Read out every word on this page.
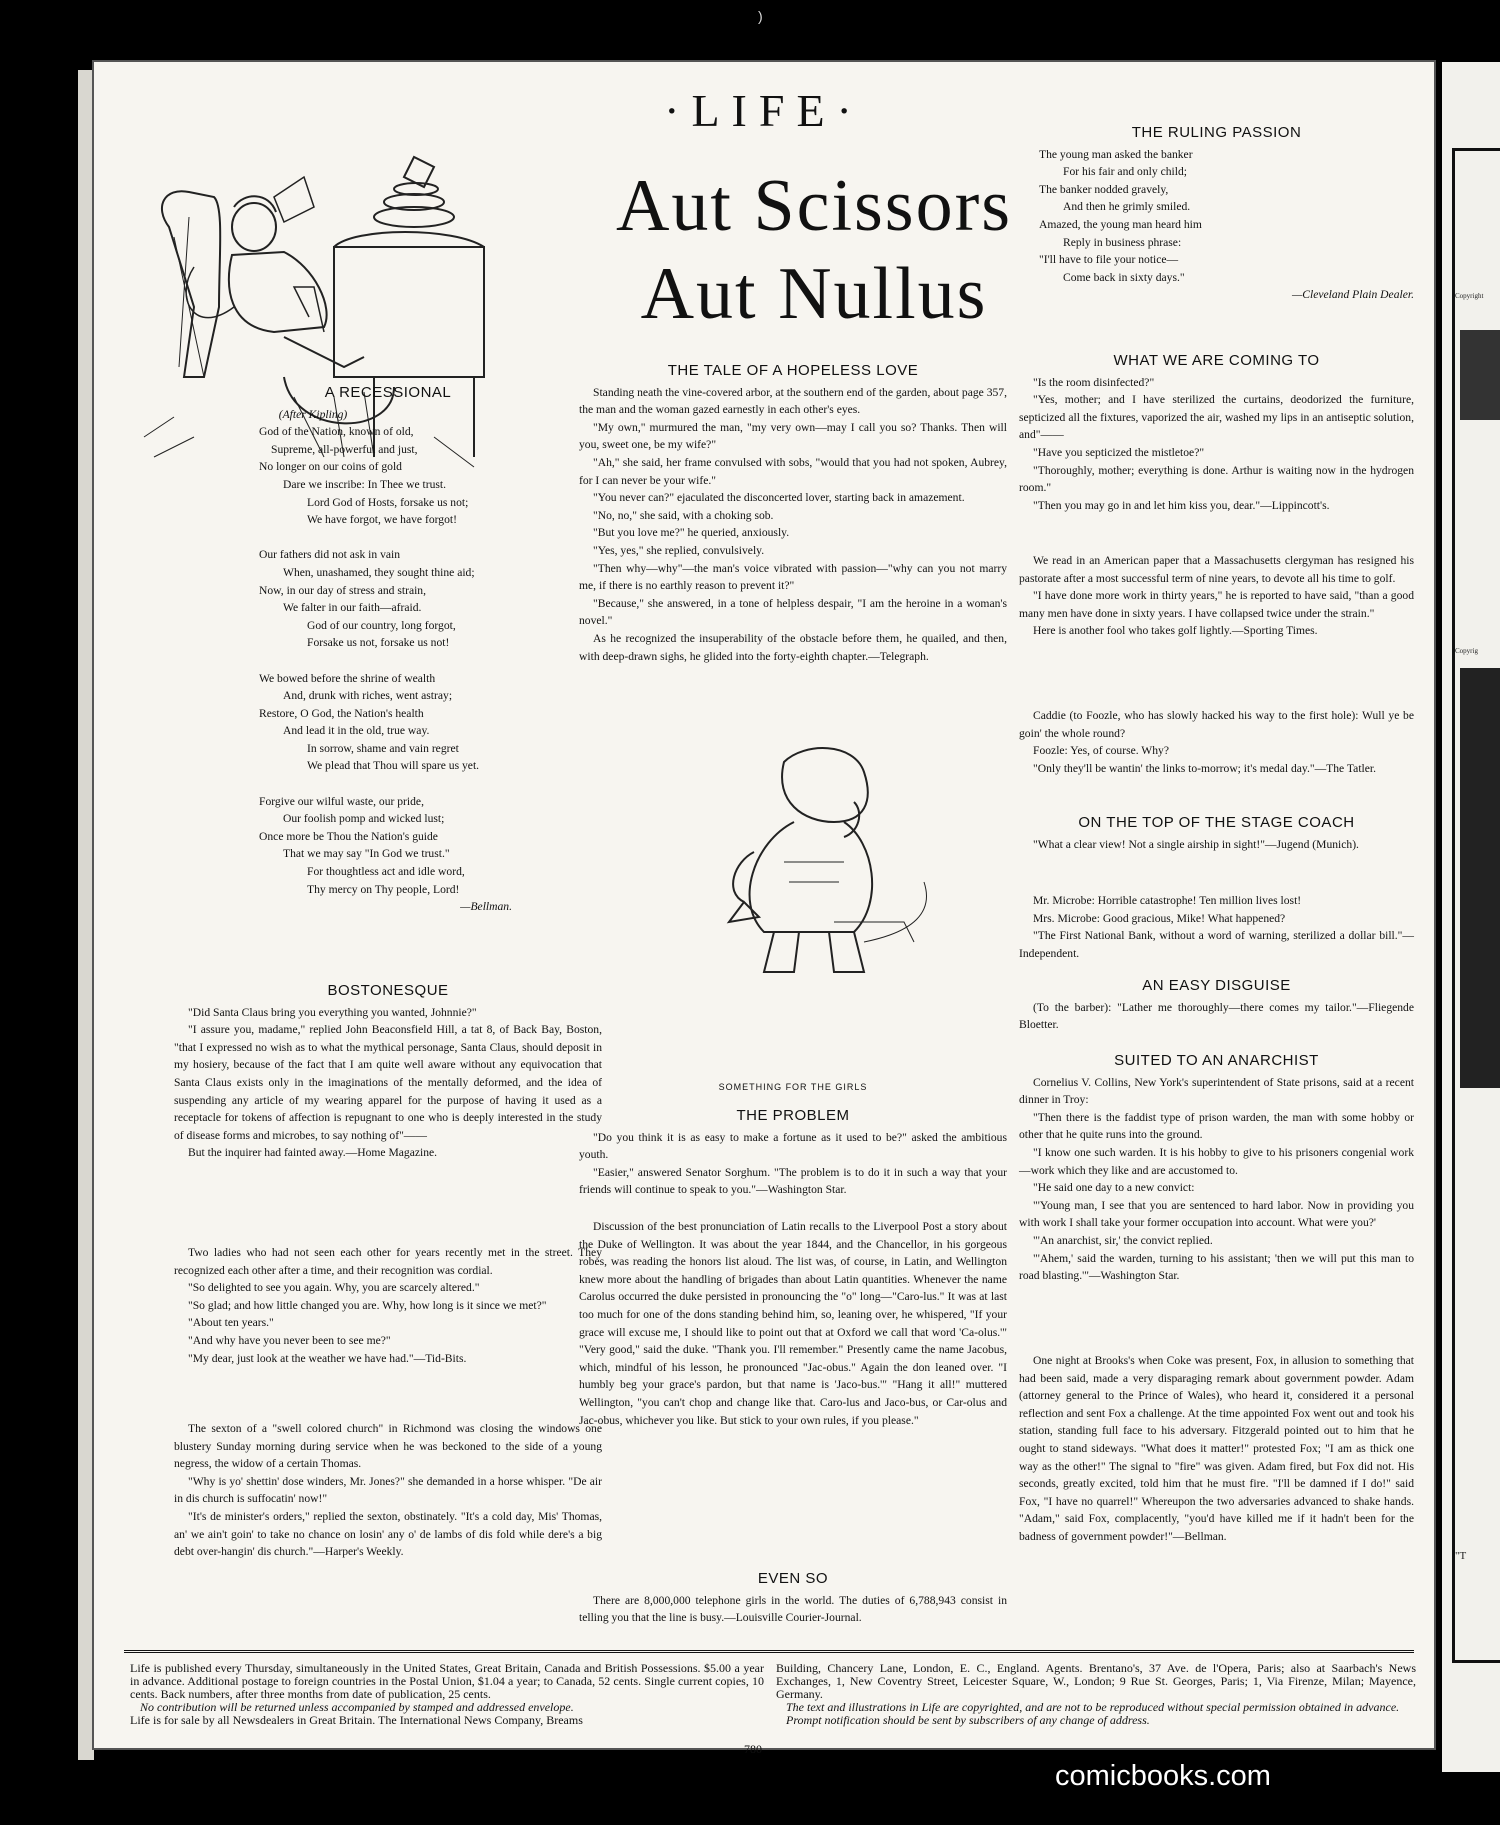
)
Copyright
Copyrig
"T
·LIFE·
Aut Scissors
Aut Nullus
A RECESSIONAL
(After Kipling)
God of the Nation, known of old,
Supreme, all-powerful and just,
No longer on our coins of gold
Dare we inscribe: In Thee we trust.
Lord God of Hosts, forsake us not;
We have forgot, we have forgot!

Our fathers did not ask in vain
When, unashamed, they sought thine aid;
Now, in our day of stress and strain,
We falter in our faith—afraid.
God of our country, long forgot,
Forsake us not, forsake us not!

We bowed before the shrine of wealth
And, drunk with riches, went astray;
Restore, O God, the Nation's health
And lead it in the old, true way.
In sorrow, shame and vain regret
We plead that Thou will spare us yet.

Forgive our wilful waste, our pride,
Our foolish pomp and wicked lust;
Once more be Thou the Nation's guide
That we may say "In God we trust."
For thoughtless act and idle word,
Thy mercy on Thy people, Lord!
—Bellman.
BOSTONESQUE

"Did Santa Claus bring you everything you wanted, Johnnie?"

"I assure you, madame," replied John Beaconsfield Hill, a tat 8, of Back Bay, Boston, "that I expressed no wish as to what the mythical personage, Santa Claus, should deposit in my hosiery, because of the fact that I am quite well aware without any equivocation that Santa Claus exists only in the imaginations of the mentally deformed, and the idea of suspending any article of my wearing apparel for the purpose of having it used as a receptacle for tokens of affection is repugnant to one who is deeply interested in the study of disease forms and microbes, to say nothing of"——

But the inquirer had fainted away.—Home Magazine.

Two ladies who had not seen each other for years recently met in the street. They recognized each other after a time, and their recognition was cordial.

"So delighted to see you again. Why, you are scarcely altered."

"So glad; and how little changed you are. Why, how long is it since we met?"

"About ten years."

"And why have you never been to see me?"

"My dear, just look at the weather we have had."—Tid-Bits.

The sexton of a "swell colored church" in Richmond was closing the windows one blustery Sunday morning during service when he was beckoned to the side of a young negress, the widow of a certain Thomas.

"Why is yo' shettin' dose winders, Mr. Jones?" she demanded in a horse whisper. "De air in dis church is suffocatin' now!"

"It's de minister's orders," replied the sexton, obstinately. "It's a cold day, Mis' Thomas, an' we ain't goin' to take no chance on losin' any o' de lambs of dis fold while dere's a big debt over-hangin' dis church."—Harper's Weekly.

THE TALE OF A HOPELESS LOVE

Standing neath the vine-covered arbor, at the southern end of the garden, about page 357, the man and the woman gazed earnestly in each other's eyes.

"My own," murmured the man, "my very own—may I call you so? Thanks. Then will you, sweet one, be my wife?"

"Ah," she said, her frame convulsed with sobs, "would that you had not spoken, Aubrey, for I can never be your wife."

"You never can?" ejaculated the disconcerted lover, starting back in amazement.

"No, no," she said, with a choking sob.

"But you love me?" he queried, anxiously.

"Yes, yes," she replied, convulsively.

"Then why—why"—the man's voice vibrated with passion—"why can you not marry me, if there is no earthly reason to prevent it?"

"Because," she answered, in a tone of helpless despair, "I am the heroine in a woman's novel."

As he recognized the insuperability of the obstacle before them, he quailed, and then, with deep-drawn sighs, he glided into the forty-eighth chapter.—Telegraph.

THE PROBLEM

"Do you think it is as easy to make a fortune as it used to be?" asked the ambitious youth.

"Easier," answered Senator Sorghum. "The problem is to do it in such a way that your friends will continue to speak to you."—Washington Star.

Discussion of the best pronunciation of Latin recalls to the Liverpool Post a story about the Duke of Wellington. It was about the year 1844, and the Chancellor, in his gorgeous robes, was reading the honors list aloud. The list was, of course, in Latin, and Wellington knew more about the handling of brigades than about Latin quantities. Whenever the name Carolus occurred the duke persisted in pronouncing the "o" long—"Caro-lus." It was at last too much for one of the dons standing behind him, so, leaning over, he whispered, "If your grace will excuse me, I should like to point out that at Oxford we call that word 'Ca-olus.'" "Very good," said the duke. "Thank you. I'll remember." Presently came the name Jacobus, which, mindful of his lesson, he pronounced "Jac-obus." Again the don leaned over. "I humbly beg your grace's pardon, but that name is 'Jaco-bus.'" "Hang it all!" muttered Wellington, "you can't chop and change like that. Caro-lus and Jaco-bus, or Car-olus and Jac-obus, whichever you like. But stick to your own rules, if you please."

EVEN SO

There are 8,000,000 telephone girls in the world. The duties of 6,788,943 consist in telling you that the line is busy.—Louisville Courier-Journal.

SOMETHING FOR THE GIRLS
THE RULING PASSION
The young man asked the banker
For his fair and only child;
The banker nodded gravely,
And then he grimly smiled.
Amazed, the young man heard him
Reply in business phrase:
"I'll have to file your notice—
Come back in sixty days."
—Cleveland Plain Dealer.
WHAT WE ARE COMING TO

"Is the room disinfected?"

"Yes, mother; and I have sterilized the curtains, deodorized the furniture, septicized all the fixtures, vaporized the air, washed my lips in an antiseptic solution, and"——

"Have you septicized the mistletoe?"

"Thoroughly, mother; everything is done. Arthur is waiting now in the hydrogen room."

"Then you may go in and let him kiss you, dear."—Lippincott's.

We read in an American paper that a Massachusetts clergyman has resigned his pastorate after a most successful term of nine years, to devote all his time to golf.

"I have done more work in thirty years," he is reported to have said, "than a good many men have done in sixty years. I have collapsed twice under the strain."

Here is another fool who takes golf lightly.—Sporting Times.

Caddie (to Foozle, who has slowly hacked his way to the first hole): Wull ye be goin' the whole round?

Foozle: Yes, of course. Why?

"Only they'll be wantin' the links to-morrow; it's medal day."—The Tatler.

ON THE TOP OF THE STAGE COACH

"What a clear view! Not a single airship in sight!"—Jugend (Munich).

Mr. Microbe: Horrible catastrophe! Ten million lives lost!

Mrs. Microbe: Good gracious, Mike! What happened?

"The First National Bank, without a word of warning, sterilized a dollar bill."—Independent.

AN EASY DISGUISE

(To the barber): "Lather me thoroughly—there comes my tailor."—Fliegende Bloetter.

SUITED TO AN ANARCHIST

Cornelius V. Collins, New York's superintendent of State prisons, said at a recent dinner in Troy:

"Then there is the faddist type of prison warden, the man with some hobby or other that he quite runs into the ground.

"I know one such warden. It is his hobby to give to his prisoners congenial work—work which they like and are accustomed to.

"He said one day to a new convict:

"'Young man, I see that you are sentenced to hard labor. Now in providing you with work I shall take your former occupation into account. What were you?'

"'An anarchist, sir,' the convict replied.

"'Ahem,' said the warden, turning to his assistant; 'then we will put this man to road blasting.'"—Washington Star.

One night at Brooks's when Coke was present, Fox, in allusion to something that had been said, made a very disparaging remark about government powder. Adam (attorney general to the Prince of Wales), who heard it, considered it a personal reflection and sent Fox a challenge. At the time appointed Fox went out and took his station, standing full face to his adversary. Fitzgerald pointed out to him that he ought to stand sideways. "What does it matter!" protested Fox; "I am as thick one way as the other!" The signal to "fire" was given. Adam fired, but Fox did not. His seconds, greatly excited, told him that he must fire. "I'll be damned if I do!" said Fox, "I have no quarrel!" Whereupon the two adversaries advanced to shake hands. "Adam," said Fox, complacently, "you'd have killed me if it hadn't been for the badness of government powder!"—Bellman.

Life is published every Thursday, simultaneously in the United States, Great Britain, Canada and British Possessions. $5.00 a year in advance. Additional postage to foreign countries in the Postal Union, $1.04 a year; to Canada, 52 cents. Single current copies, 10 cents. Back numbers, after three months from date of publication, 25 cents.
No contribution will be returned unless accompanied by stamped and addressed envelope.
Life is for sale by all Newsdealers in Great Britain. The International News Company, Breams
Building, Chancery Lane, London, E. C., England. Agents. Brentano's, 37 Ave. de l'Opera, Paris; also at Saarbach's News Exchanges, 1, New Coventry Street, Leicester Square, W., London; 9 Rue St. Georges, Paris; 1, Via Firenze, Milan; Mayence, Germany.
The text and illustrations in Life are copyrighted, and are not to be reproduced without special permission obtained in advance.
Prompt notification should be sent by subscribers of any change of address.
780
comicbooks.com
